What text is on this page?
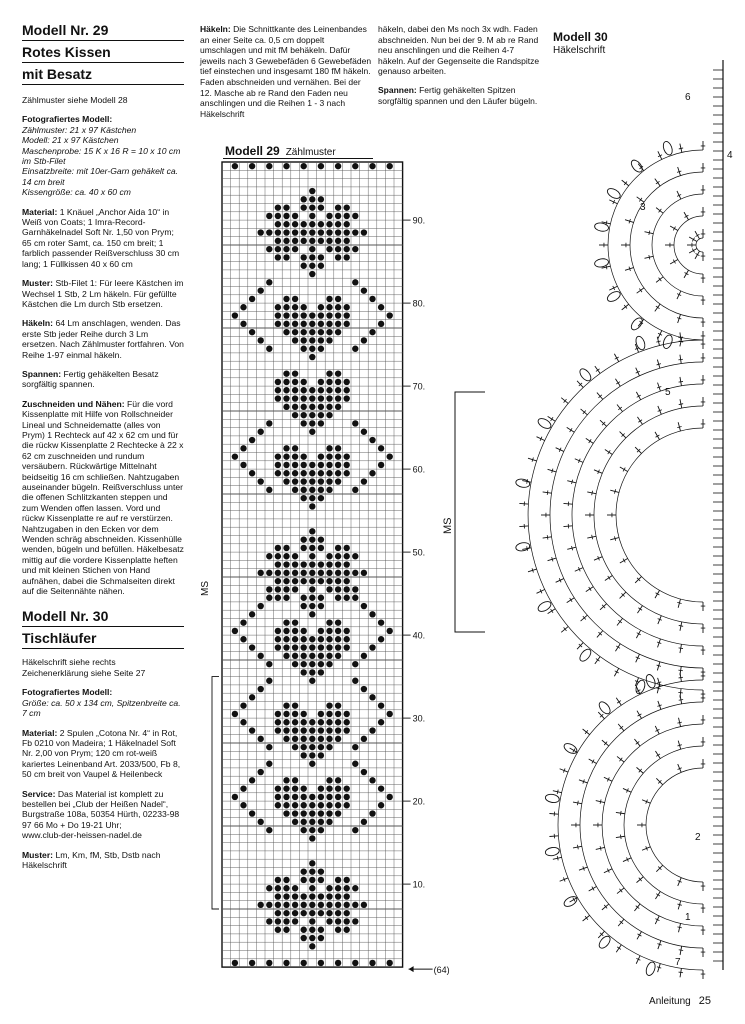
Modell Nr. 29
Rotes Kissen
mit Besatz

Zählmuster siehe Modell 28

Fotografiertes Modell:
Zählmuster: 21 x 97 Kästchen
Modell: 21 x 97 Kästchen
Maschenprobe: 15 K x 16 R = 10 x 10 cm im Stb-Filet
Einsatzbreite: mit 10er-Garn gehäkelt ca. 14 cm breit
Kissengröße: ca. 40 x 60 cm

Material: 1 Knäuel „Anchor Aida 10“ in Weiß von Coats; 1 Imra-Record-Garnhäkelnadel Soft Nr. 1,50 von Prym; 65 cm roter Samt, ca. 150 cm breit; 1 farblich passender Reißverschluss 30 cm lang; 1 Füllkissen 40 x 60 cm

Muster: Stb-Filet 1: Für leere Kästchen im Wechsel 1 Stb, 2 Lm häkeln. Für gefüllte Kästchen die Lm durch Stb ersetzen.

Häkeln: 64 Lm anschlagen, wenden. Das erste Stb jeder Reihe durch 3 Lm ersetzen. Nach Zählmuster fortfahren. Von Reihe 1-97 einmal häkeln.

Spannen: Fertig gehäkelten Besatz sorgfältig spannen.

Zuschneiden und Nähen: Für die vord Kissenplatte mit Hilfe von Rollschneider Lineal und Schneidematte (alles von Prym) 1 Rechteck auf 42 x 62 cm und für die rückw Kissenplatte 2 Rechtecke à 22 x 62 cm zuschneiden und rundum versäubern. Rückwärtige Mittelnaht beidseitig 16 cm schließen. Nahtzugaben auseinander bügeln. Reißverschluss unter die offenen Schlitzkanten steppen und zum Wenden offen lassen. Vord und rückw Kissenplatte re auf re verstürzen. Nahtzugaben in den Ecken vor dem Wenden schräg abschneiden. Kissenhülle wenden, bügeln und befüllen. Häkelbesatz mittig auf die vordere Kissenplatte heften und mit kleinen Stichen von Hand aufnähen, dabei die Schmalseiten direkt auf die Seitennähte nähen.

Modell Nr. 30
Tischläufer

Häkelschrift siehe rechts
Zeichenerklärung siehe Seite 27

Fotografiertes Modell:
Größe: ca. 50 x 134 cm, Spitzenbreite ca. 7 cm

Material: 2 Spulen „Cotona Nr. 4“ in Rot, Fb 0210 von Madeira; 1 Häkelnadel Soft Nr. 2,00 von Prym; 120 cm rot-weiß kariertes Leinenband Art. 2033/500, Fb 8, 50 cm breit von Vaupel & Heilenbeck

Service: Das Material ist komplett zu bestellen bei „Club der Heißen Nadel“, Burgstraße 108a, 50354 Hürth, 02233-98 97 66 Mo + Do 19-21 Uhr;
www.club-der-heissen-nadel.de

Muster: Lm, Km, fM, Stb, Dstb nach Häkelschrift

Häkeln: Die Schnittkante des Leinenbandes an einer Seite ca. 0,5 cm doppelt umschlagen und mit fM behäkeln. Dafür jeweils nach 3 Gewebefäden 6 Gewebefäden tief einstechen und insgesamt 180 fM häkeln. Faden abschneiden und vernähen. Bei der 12. Masche ab re Rand den Faden neu anschlingen und die Reihen 1 - 3 nach Häkelschrift

häkeln, dabei den Ms noch 3x wdh. Faden abschneiden. Nun bei der 9. M ab re Rand neu anschlingen und die Reihen 4-7 häkeln. Auf der Gegenseite die Randspitze genauso arbeiten.

Spannen: Fertig gehäkelten Spitzen sorgfältig spannen und den Läufer bügeln.

Modell 29 Zählmuster
90.
80.
70.
60.
50.
40.
30.
20.
10.
(64)
MS
Modell 30
Häkelschrift
MS
1
2
3
4
5
6
7
Anleitung 25
